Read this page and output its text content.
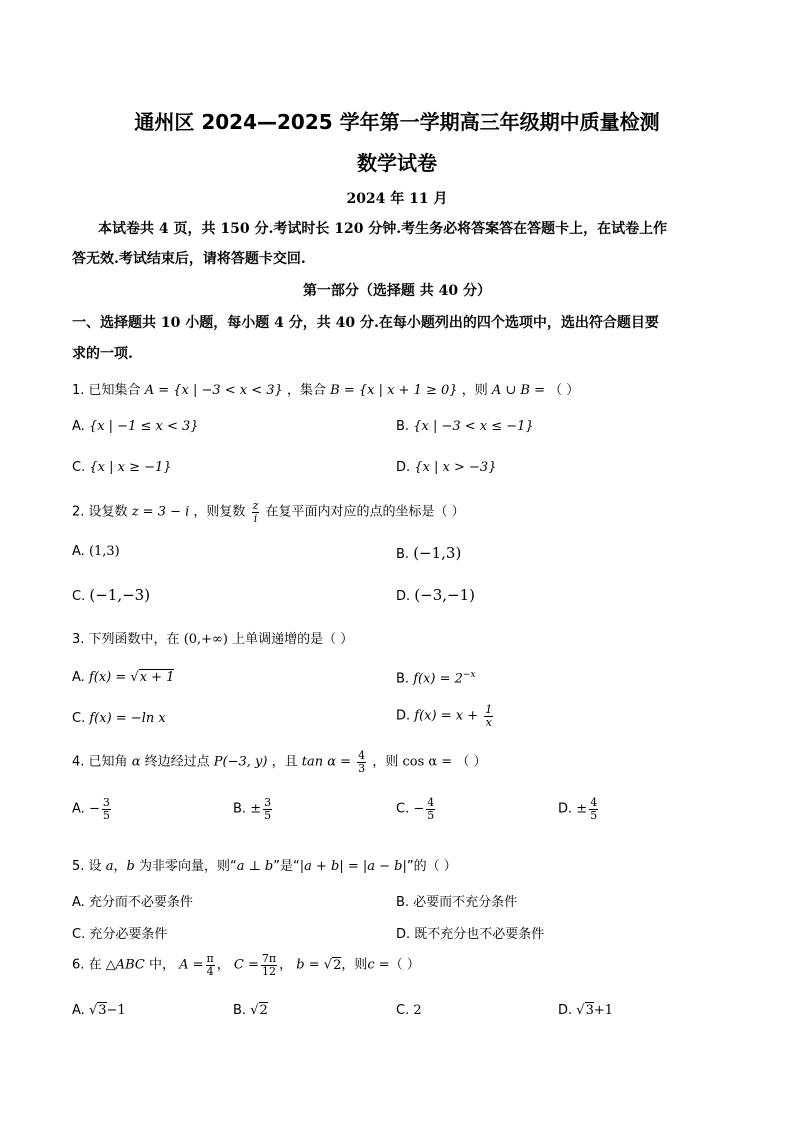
通州区 2024—2025 学年第一学期高三年级期中质量检测
数学试卷
2024 年 11 月
本试卷共 4 页，共 150 分.考试时长 120 分钟.考生务必将答案答在答题卡上，在试卷上作
答无效.考试结束后，请将答题卡交回.
第一部分（选择题 共 40 分）
一、选择题共 10 小题，每小题 4 分，共 40 分.在每小题列出的四个选项中，选出符合题目要
求的一项.
1. 已知集合 A = {x | −3 < x < 3} ，集合 B = {x | x + 1 ≥ 0} ，则 A ∪ B = （ ）
A. {x | −1 ≤ x < 3}	B. {x | −3 < x ≤ −1}
C. {x | x ≥ −1}	D. {x | x > −3}
2. 设复数 z = 3 − i ，则复数 $\frac{z}{i}$ 在复平面内对应的点的坐标是（ ）
A. (1,3)	B. (−1,3)
C. (−1,−3)	D. (−3,−1)
3. 下列函数中，在 (0,+∞) 上单调递增的是（ ）
A. f(x) = √x + 1	B. $f(x) = 2^{-x}$
C. f(x) = −ln x	D. $f(x) = x + \frac{1}{x}$
4. 已知角 α 终边经过点 P(−3, y) ，且 $\tan \alpha = \frac{4}{3}$ ，则 cos α = （ ）
A. − $\frac{3}{5}$	B. ± $\frac{3}{5}$	C. − $\frac{4}{5}$	D. ± $\frac{4}{5}$
5. 设 a，b 为非零向量，则“a ⊥ b”是“|a + b| = |a − b|”的（ ）
A. 充分而不必要条件	B. 必要而不充分条件
C. 充分必要条件	D. 既不充分也不必要条件
6. 在 △ABC 中， $A = \frac{\pi}{4}$ ， $C = \frac{7\pi}{12}$ ， b = √2，则c =（ ）
A. √3−1	B. √2	C. 2	D. √3+1
